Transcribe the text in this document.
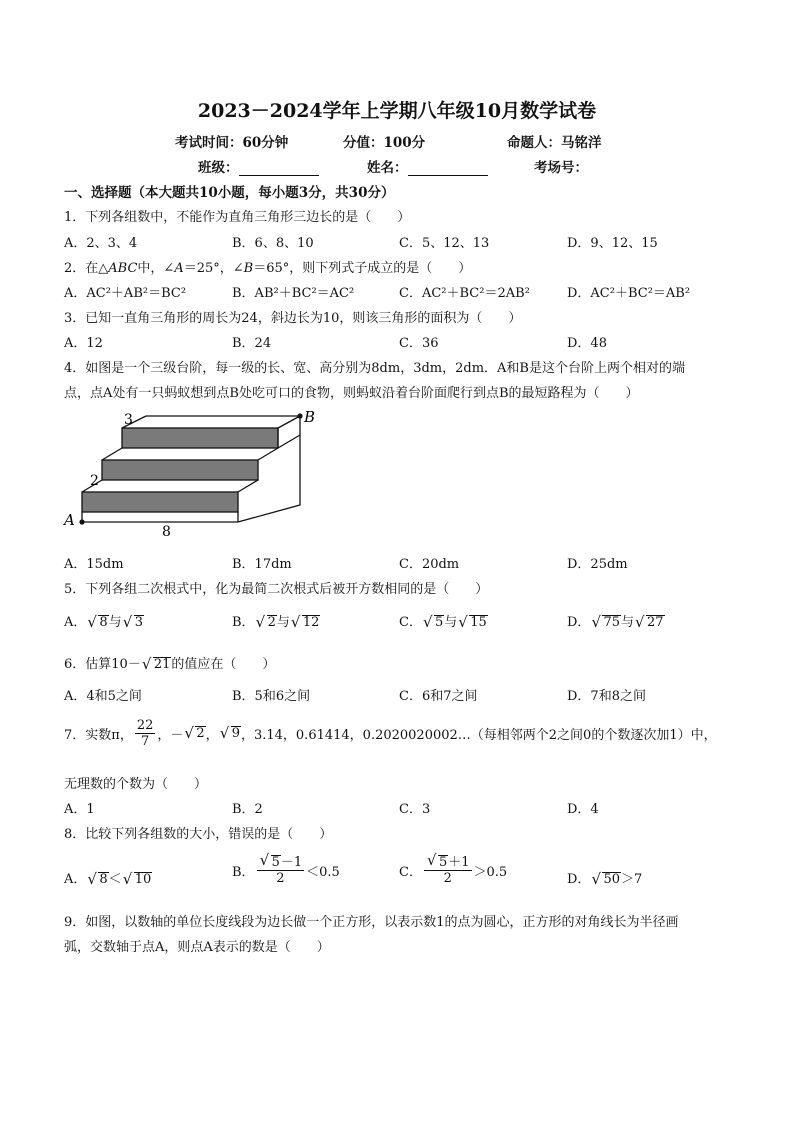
2023－2024学年上学期八年级10月数学试卷
考试时间：60分钟	分值：100分	命题人：马铭洋
班级：	姓名：	考场号：
一、选择题（本大题共10小题，每小题3分，共30分）
1．下列各组数中，不能作为直角三角形三边长的是（　　）
A．2、3、4	B．6、8、10	C．5、12、13	D．9、12、15
2．在△ABC中，∠A＝25°，∠B＝65°，则下列式子成立的是（　　）
A．AC²＋AB²＝BC²	B．AB²＋BC²＝AC²	C．AC²＋BC²＝2AB²	D．AC²＋BC²＝AB²
3．已知一直角三角形的周长为24，斜边长为10，则该三角形的面积为（　　）
A．12	B．24	C．36	D．48
4．如图是一个三级台阶，每一级的长、宽、高分别为8dm，3dm，2dm．A和B是这个台阶上两个相对的端
点，点A处有一只蚂蚁想到点B处吃可口的食物，则蚂蚁沿着台阶面爬行到点B的最短路程为（　　）
3
2
8
A
B
A．15dm	B．17dm	C．20dm	D．25dm
5．下列各组二次根式中，化为最简二次根式后被开方数相同的是（　　）
A． √ 8与 √ 3	B． √ 2与 √ 12	C． √ 5与 √ 15	D． √ 75与 √ 27
6．估算10－ √ 21的值应在（　　）
A．4和5之间	B．5和6之间	C．6和7之间	D．7和8之间
7．实数π， $\frac{22}{7}$ ，－	√ 2 ，	√ 9 ，3.14，0.61414，0.2020020002…（每相邻两个2之间0的个数逐次加1）中，
无理数的个数为（　　）
A．1	B．2	C．3	D．4
8．比较下列各组数的大小，错误的是（　　）
A． √ 8＜ √ 10	B． √ $\frac{5-1}{2} <0.5$	C． √ $\frac{5+1}{2} >0.5$	D． √ 50＞7
9．如图，以数轴的单位长度线段为边长做一个正方形，以表示数1的点为圆心，正方形的对角线长为半径画
弧，交数轴于点A，则点A表示的数是（　　）
